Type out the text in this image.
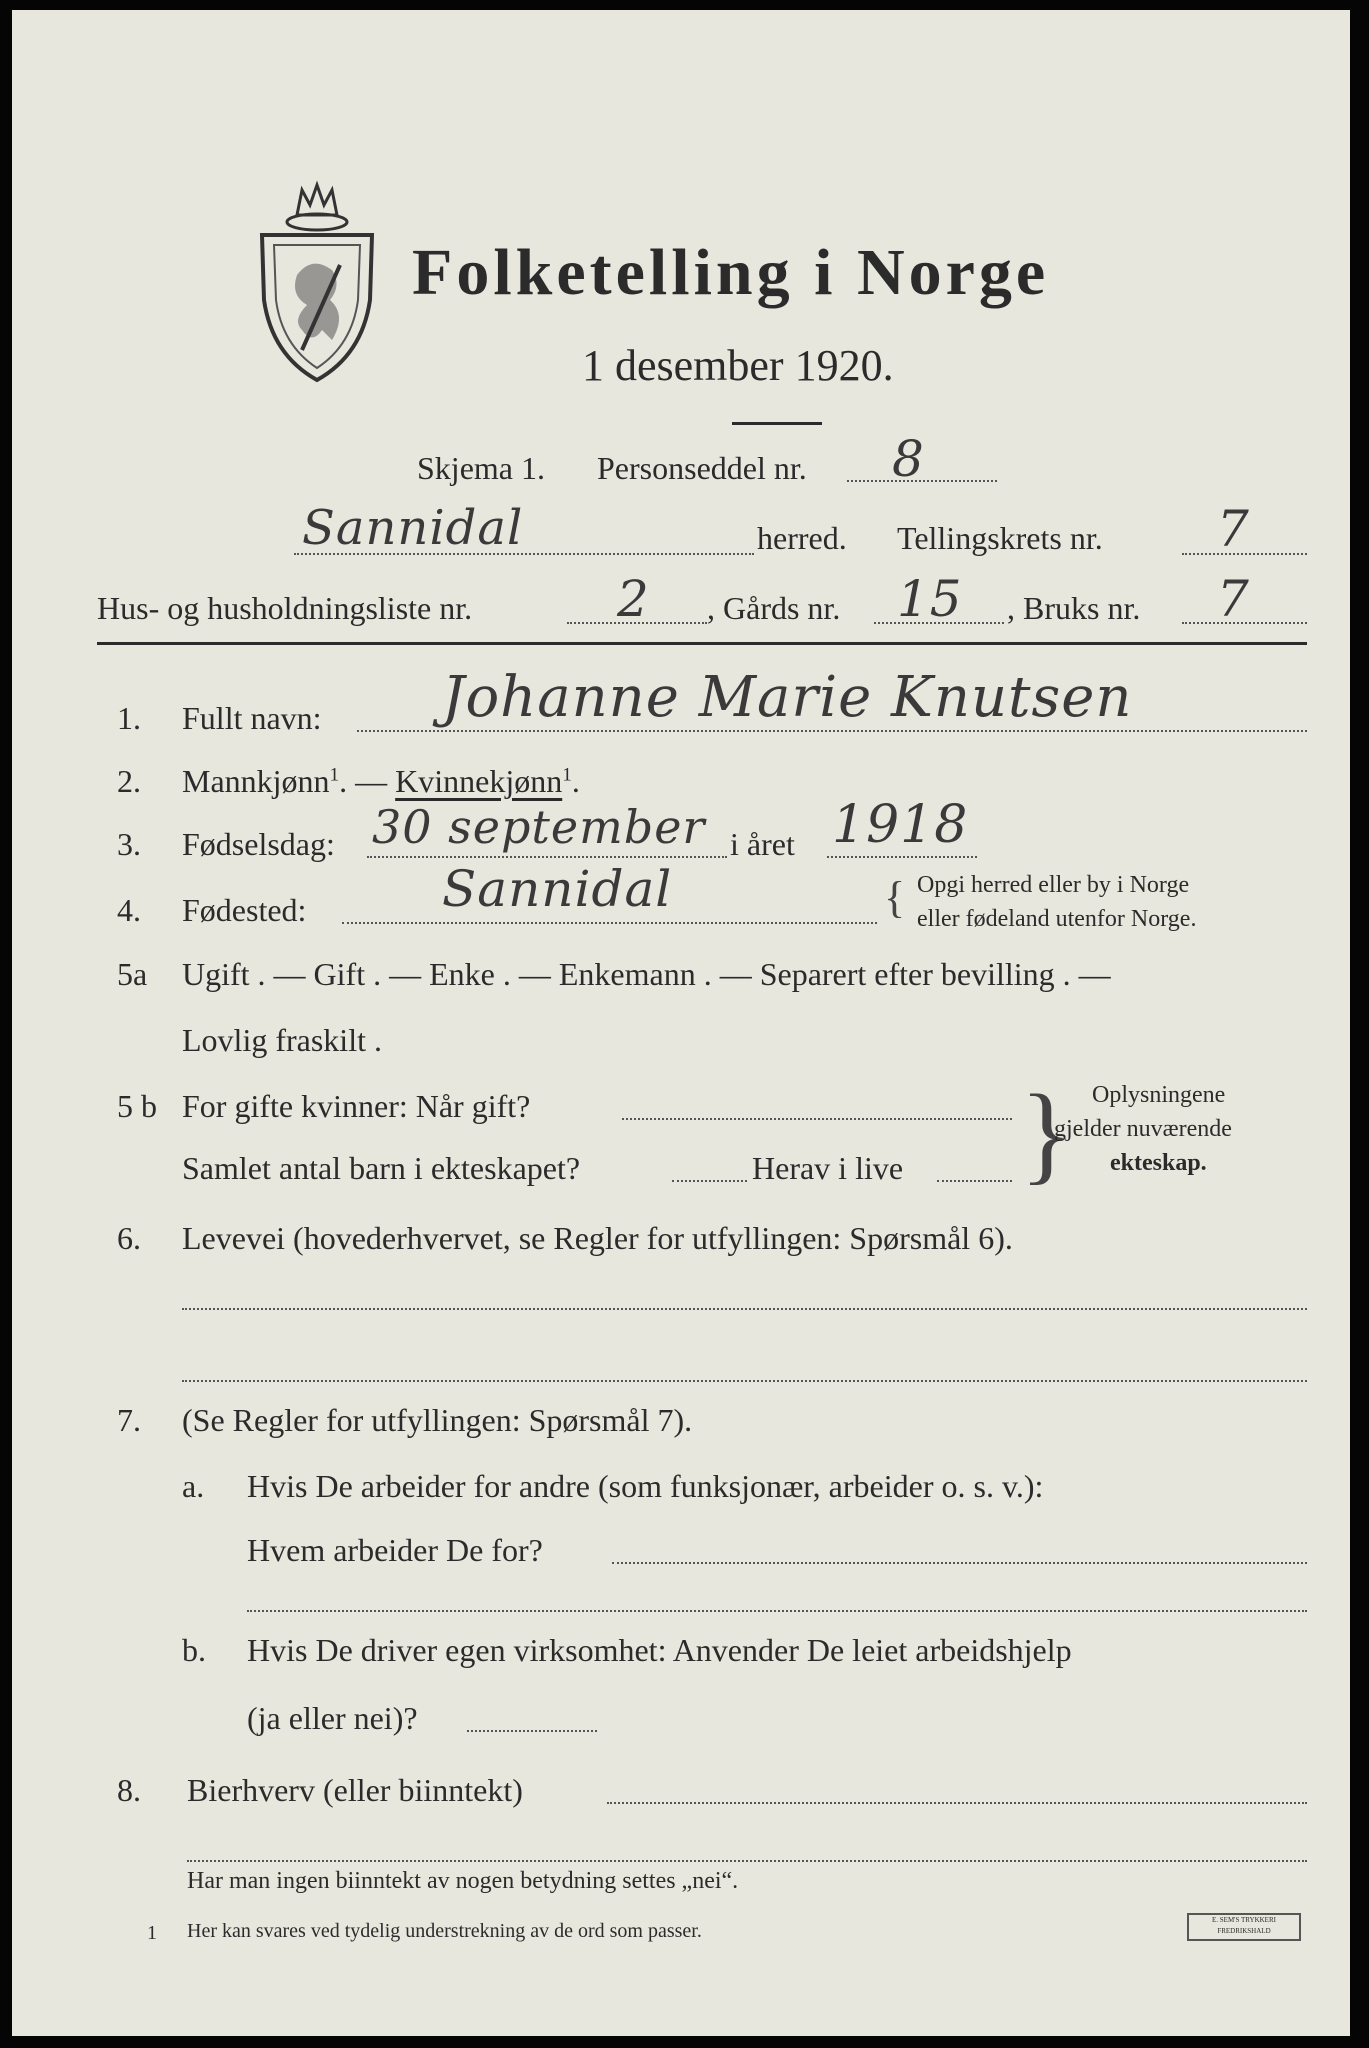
Folketelling i Norge
1 desember 1920.
Skjema 1. Personseddel nr. 8
Sannidal	herred. Tellingskrets nr. 7
Hus- og husholdningsliste nr.	2 , Gårds nr. 15 , Bruks nr. 7
1. Fullt navn: Johanne Marie Knutsen
2. Mannkjønn$^1$. — Kvinnekjønn$^1$.
3. Fødselsdag: 30 september i året 1918
4. Fødested:	Sannidal	{ Opgi herred eller by i Norge
eller fødeland utenfor Norge.
5a Ugift . — Gift . — Enke . — Enkemann . — Separert efter bevilling . —
Lovlig fraskilt .
5 b For gifte kvinner: Når gift?
Samlet antal barn i ekteskapet?	Herav i live } Oplysningene
gjelder nuværende
ekteskap.
6. Levevei (hovederhvervet, se Regler for utfyllingen: Spørsmål 6).
7. (Se Regler for utfyllingen: Spørsmål 7).
a. Hvis De arbeider for andre (som funksjonær, arbeider o. s. v.):
Hvem arbeider De for?
b. Hvis De driver egen virksomhet: Anvender De leiet arbeidshjelp
(ja eller nei)?
8. Bierhverv (eller biinntekt)
Har man ingen biinntekt av nogen betydning settes „nei“.
1 Her kan svares ved tydelig understrekning av de ord som passer.	E. SEM'S TRYKKERI FREDRIKSHALD
